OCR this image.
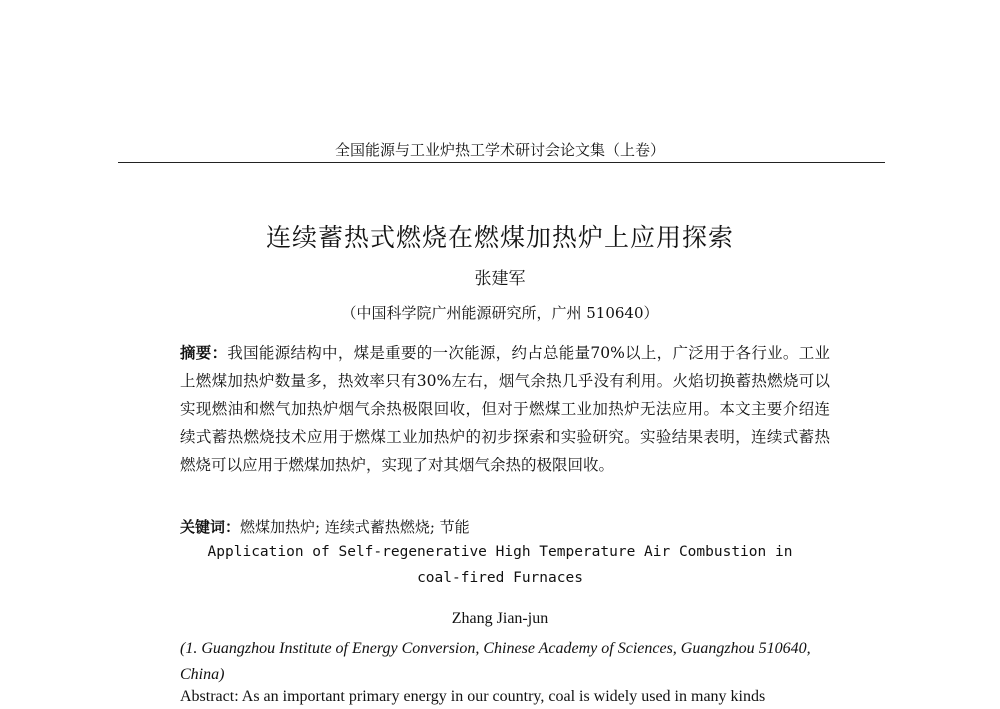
全国能源与工业炉热工学术研讨会论文集（上卷）
连续蓄热式燃烧在燃煤加热炉上应用探索
张建军
（中国科学院广州能源研究所，广州 510640）
摘要：我国能源结构中，煤是重要的一次能源，约占总能量70%以上，广泛用于各行业。工业上燃煤加热炉数量多，热效率只有30%左右，烟气余热几乎没有利用。火焰切换蓄热燃烧可以实现燃油和燃气加热炉烟气余热极限回收，但对于燃煤工业加热炉无法应用。本文主要介绍连续式蓄热燃烧技术应用于燃煤工业加热炉的初步探索和实验研究。实验结果表明，连续式蓄热燃烧可以应用于燃煤加热炉，实现了对其烟气余热的极限回收。
关键词：燃煤加热炉; 连续式蓄热燃烧; 节能
Application of Self-regenerative High Temperature Air Combustion in
coal-fired Furnaces
Zhang Jian-jun
(1. Guangzhou Institute of Energy Conversion, Chinese Academy of Sciences, Guangzhou 510640, China)
Abstract: As an important primary energy in our country, coal is widely used in many kinds
